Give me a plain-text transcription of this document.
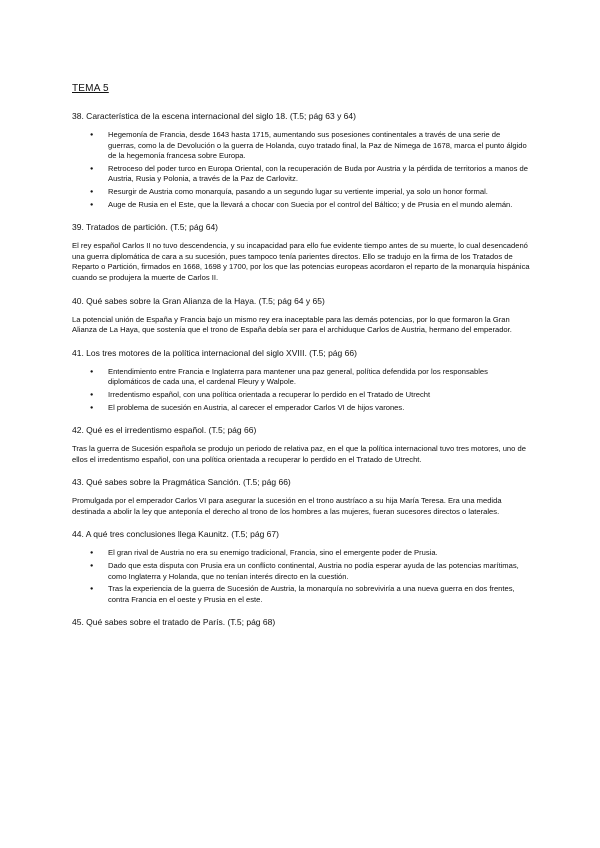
TEMA 5
38. Característica de la escena internacional del siglo 18. (T.5; pág 63 y 64)
● Hegemonía de Francia, desde 1643 hasta 1715, aumentando sus posesiones continentales a través de una serie de guerras, como la de Devolución o la guerra de Holanda, cuyo tratado final, la Paz de Nimega de 1678, marca el punto álgido de la hegemonía francesa sobre Europa.
● Retroceso del poder turco en Europa Oriental, con la recuperación de Buda por Austria y la pérdida de territorios a manos de Austria, Rusia y Polonia, a través de la Paz de Carlovitz.
● Resurgir de Austria como monarquía, pasando a un segundo lugar su vertiente imperial, ya solo un honor formal.
● Auge de Rusia en el Este, que la llevará a chocar con Suecia por el control del Báltico; y de Prusia en el mundo alemán.
39. Tratados de partición. (T.5; pág 64)

El rey español Carlos II no tuvo descendencia, y su incapacidad para ello fue evidente tiempo antes de su muerte, lo cual desencadenó una guerra diplomática de cara a su sucesión, pues tampoco tenía parientes directos. Ello se tradujo en la firma de los Tratados de Reparto o Partición, firmados en 1668, 1698 y 1700, por los que las potencias europeas acordaron el reparto de la monarquía hispánica cuando se produjera la muerte de Carlos II.

40. Qué sabes sobre la Gran Alianza de la Haya. (T.5; pág 64 y 65)

La potencial unión de España y Francia bajo un mismo rey era inaceptable para las demás potencias, por lo que formaron la Gran Alianza de La Haya, que sostenía que el trono de España debía ser para el archiduque Carlos de Austria, hermano del emperador.

41. Los tres motores de la política internacional del siglo XVIII. (T.5; pág 66)
● Entendimiento entre Francia e Inglaterra para mantener una paz general, política defendida por los responsables diplomáticos de cada una, el cardenal Fleury y Walpole.
● Irredentismo español, con una política orientada a recuperar lo perdido en el Tratado de Utrecht
● El problema de sucesión en Austria, al carecer el emperador Carlos VI de hijos varones.
42. Qué es el irredentismo español. (T.5; pág 66)

Tras la guerra de Sucesión española se produjo un periodo de relativa paz, en el que la política internacional tuvo tres motores, uno de ellos el irredentismo español, con una política orientada a recuperar lo perdido en el Tratado de Utrecht.

43. Qué sabes sobre la Pragmática Sanción. (T.5; pág 66)

Promulgada por el emperador Carlos VI para asegurar la sucesión en el trono austríaco a su hija María Teresa. Era una medida destinada a abolir la ley que anteponía el derecho al trono de los hombres a las mujeres, fueran sucesores directos o laterales.

44. A qué tres conclusiones llega Kaunitz. (T.5; pág 67)
● El gran rival de Austria no era su enemigo tradicional, Francia, sino el emergente poder de Prusia.
● Dado que esta disputa con Prusia era un conflicto continental, Austria no podía esperar ayuda de las potencias marítimas, como Inglaterra y Holanda, que no tenían interés directo en la cuestión.
● Tras la experiencia de la guerra de Sucesión de Austria, la monarquía no sobreviviría a una nueva guerra en dos frentes, contra Francia en el oeste y Prusia en el este.
45. Qué sabes sobre el tratado de París. (T.5; pág 68)
